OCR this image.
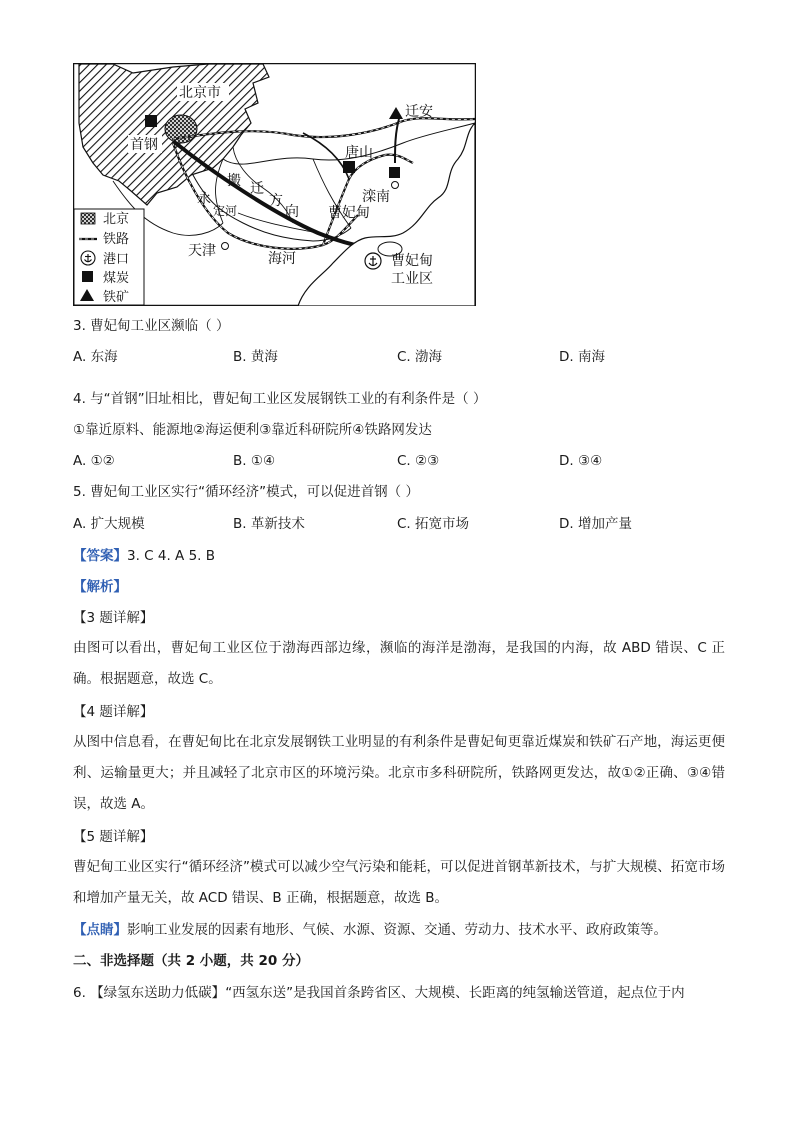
北京市
首钢
迁安
唐山
滦南
曹妃甸
天津	海河
永
定河
搬 迁
方
向
曹妃甸
工业区
北京
铁路
港口
煤炭
铁矿
3. 曹妃甸工业区濒临（ ）
A. 东海	B. 黄海	C. 渤海	D. 南海
4. 与“首钢”旧址相比，曹妃甸工业区发展钢铁工业的有利条件是（ ）
①靠近原料、能源地②海运便利③靠近科研院所④铁路网发达
A. ①②	B. ①④	C. ②③	D. ③④
5. 曹妃甸工业区实行“循环经济”模式，可以促进首钢（ ）
A. 扩大规模	B. 革新技术	C. 拓宽市场	D. 增加产量
【答案】3. C 4. A 5. B
【解析】
【3 题详解】
由图可以看出，曹妃甸工业区位于渤海西部边缘，濒临的海洋是渤海，是我国的内海，故 ABD 错误、C 正确。根据题意，故选 C。
【4 题详解】
从图中信息看，在曹妃甸比在北京发展钢铁工业明显的有利条件是曹妃甸更靠近煤炭和铁矿石产地，海运更便利、运输量更大；并且减轻了北京市区的环境污染。北京市多科研院所，铁路网更发达，故①②正确、③④错误，故选 A。
【5 题详解】
曹妃甸工业区实行“循环经济”模式可以减少空气污染和能耗，可以促进首钢革新技术，与扩大规模、拓宽市场和增加产量无关，故 ACD 错误、B 正确，根据题意，故选 B。
【点睛】影响工业发展的因素有地形、气候、水源、资源、交通、劳动力、技术水平、政府政策等。
二、非选择题（共 2 小题，共 20 分）
6. 【绿氢东送助力低碳】“西氢东送”是我国首条跨省区、大规模、长距离的纯氢输送管道，起点位于内
